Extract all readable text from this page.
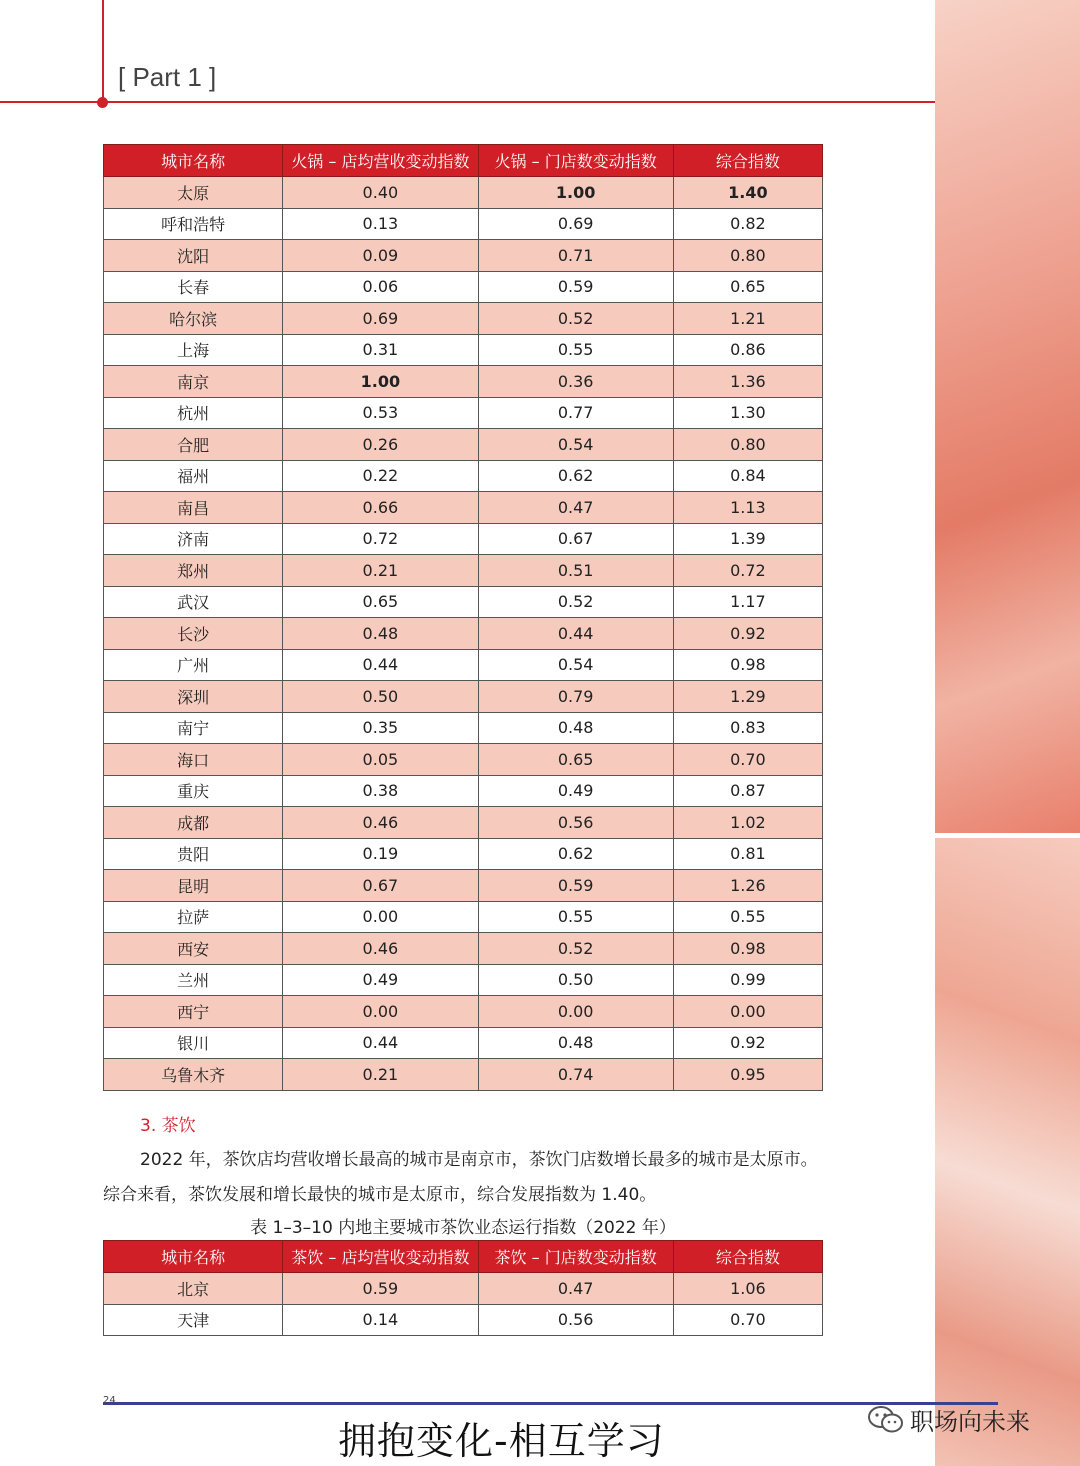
[ Part 1 ]
城市名称	火锅 – 店均营收变动指数	火锅 – 门店数变动指数	综合指数
太原	0.40	1.00	1.40
呼和浩特	0.13	0.69	0.82
沈阳	0.09	0.71	0.80
长春	0.06	0.59	0.65
哈尔滨	0.69	0.52	1.21
上海	0.31	0.55	0.86
南京	1.00	0.36	1.36
杭州	0.53	0.77	1.30
合肥	0.26	0.54	0.80
福州	0.22	0.62	0.84
南昌	0.66	0.47	1.13
济南	0.72	0.67	1.39
郑州	0.21	0.51	0.72
武汉	0.65	0.52	1.17
长沙	0.48	0.44	0.92
广州	0.44	0.54	0.98
深圳	0.50	0.79	1.29
南宁	0.35	0.48	0.83
海口	0.05	0.65	0.70
重庆	0.38	0.49	0.87
成都	0.46	0.56	1.02
贵阳	0.19	0.62	0.81
昆明	0.67	0.59	1.26
拉萨	0.00	0.55	0.55
西安	0.46	0.52	0.98
兰州	0.49	0.50	0.99
西宁	0.00	0.00	0.00
银川	0.44	0.48	0.92
乌鲁木齐	0.21	0.74	0.95
3. 茶饮
2022 年，茶饮店均营收增长最高的城市是南京市，茶饮门店数增长最多的城市是太原市。综合来看，茶饮发展和增长最快的城市是太原市，综合发展指数为 1.40。
表 1–3–10 内地主要城市茶饮业态运行指数（2022 年）
城市名称	茶饮 – 店均营收变动指数	茶饮 – 门店数变动指数	综合指数
北京	0.59	0.47	1.06
天津	0.14	0.56	0.70
24
拥抱变化-相互学习	职场向未来
